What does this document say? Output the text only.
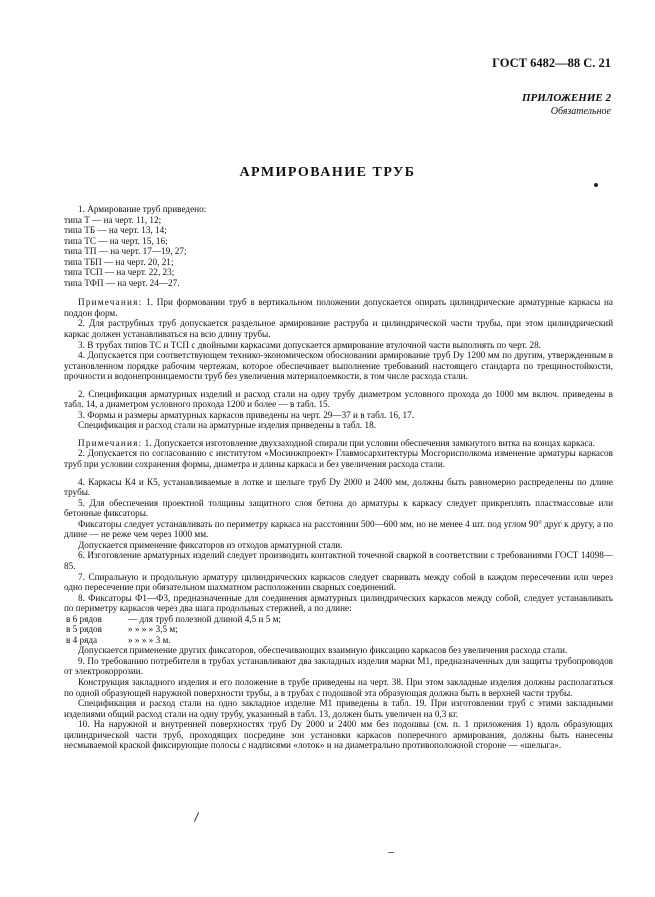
ГОСТ 6482—88 С. 21
ПРИЛОЖЕНИЕ 2
Обязательное
АРМИРОВАНИЕ ТРУБ

1. Армирование труб приведено:

типа Т — на черт. 11, 12;
типа ТБ — на черт. 13, 14;
типа ТС — на черт. 15, 16;
типа ТП — на черт. 17—19, 27;
типа ТБП — на черт. 20, 21;
типа ТСП — на черт. 22, 23;
типа ТФП — на черт. 24—27.

Примечания: 1. При формовании труб в вертикальном положении допускается опирать цилиндрические арматурные каркасы на поддон форм.

2. Для раструбных труб допускается раздельное армирование раструба и цилиндрической части трубы, при этом цилиндрический каркас должен устанавливаться на всю длину трубы.

3. В трубах типов ТС и ТСП с двойными каркасами допускается армирование втулочной части выполнять по черт. 28.

4. Допускается при соответствующем технико-экономическом обосновании армирование труб Dу 1200 мм по другим, утвержденным в установленном порядке рабочим чертежам, которое обеспечивает выполнение требований настоящего стандарта по трещиностойкости, прочности и водонепроницаемости труб без увеличения материалоемкости, в том числе расхода стали.

2. Спецификация арматурных изделий и расход стали на одну трубу диаметром условного прохода до 1000 мм включ. приведены в табл. 14, а диаметром условного прохода 1200 и более — в табл. 15.

3. Формы и размеры арматурных каркасов приведены на черт. 29—37 и в табл. 16, 17.

Спецификация и расход стали на арматурные изделия приведены в табл. 18.

Примечания: 1. Допускается изготовление двухзаходной спирали при условии обеспечения замкнутого витка на концах каркаса.

2. Допускается по согласованию с институтом «Мосинжпроект» Главмосархитектуры Мосгорисполкома изменение арматуры каркасов труб при условии сохранения формы, диаметра и длины каркаса и без увеличения расхода стали.

4. Каркасы К4 и К5, устанавливаемые в лотке и шелыге труб Dу 2000 и 2400 мм, должны быть равномерно распределены по длине трубы.

5. Для обеспечения проектной толщины защитного слоя бетона до арматуры к каркасу следует прикреплять пластмассовые или бетонные фиксаторы.

Фиксаторы следует устанавливать по периметру каркаса на расстоянии 500—600 мм, но не менее 4 шт. под углом 90° друг к другу, а по длине — не реже чем через 1000 мм.

Допускается применение фиксаторов из отходов арматурной стали.

6. Изготовление арматурных изделий следует производить контактной точечной сваркой в соответствии с требованиями ГОСТ 14098—85.

7. Спиральную и продольную арматуру цилиндрических каркасов следует сваривать между собой в каждом пересечении или через одно пересечение при обязательном шахматном расположении сварных соединений.

8. Фиксаторы Ф1—Ф3, предназначенные для соединения арматурных цилиндрических каркасов между собой, следует устанавливать по периметру каркасов через два шага продольных стержней, а по длине:

в 6 рядов	— для труб полезной длиной 4,5 и 5 м;
в 5 рядов	» » » » 3,5 м;
в 4 ряда	» » » » 3 м.

Допускается применение других фиксаторов, обеспечивающих взаимную фиксацию каркасов без увеличения расхода стали.

9. По требованию потребителя в трубах устанавливают два закладных изделия марки М1, предназначенных для защиты трубопроводов от электрокоррозии.

Конструкция закладного изделия и его положение в трубе приведены на черт. 38. При этом закладные изделия должны располагаться по одной образующей наружной поверхности трубы, а в трубах с подошвой эта образующая должна быть в верхней части трубы.

Спецификация и расход стали на одно закладное изделие М1 приведены в табл. 19. При изготовлении труб с этими закладными изделиями общий расход стали на одну трубу, указанный в табл. 13, должен быть увеличен на 0,3 кг.

10. На наружной и внутренней поверхностях труб Dу 2000 и 2400 мм без подошвы (см. п. 1 приложения 1) вдоль образующих цилиндрической части труб, проходящих посредине зон установки каркасов поперечного армирования, должны быть нанесены несмываемой краской фиксирующие полосы с надписями «лоток» и на диаметрально противоположной стороне — «шелыга».
